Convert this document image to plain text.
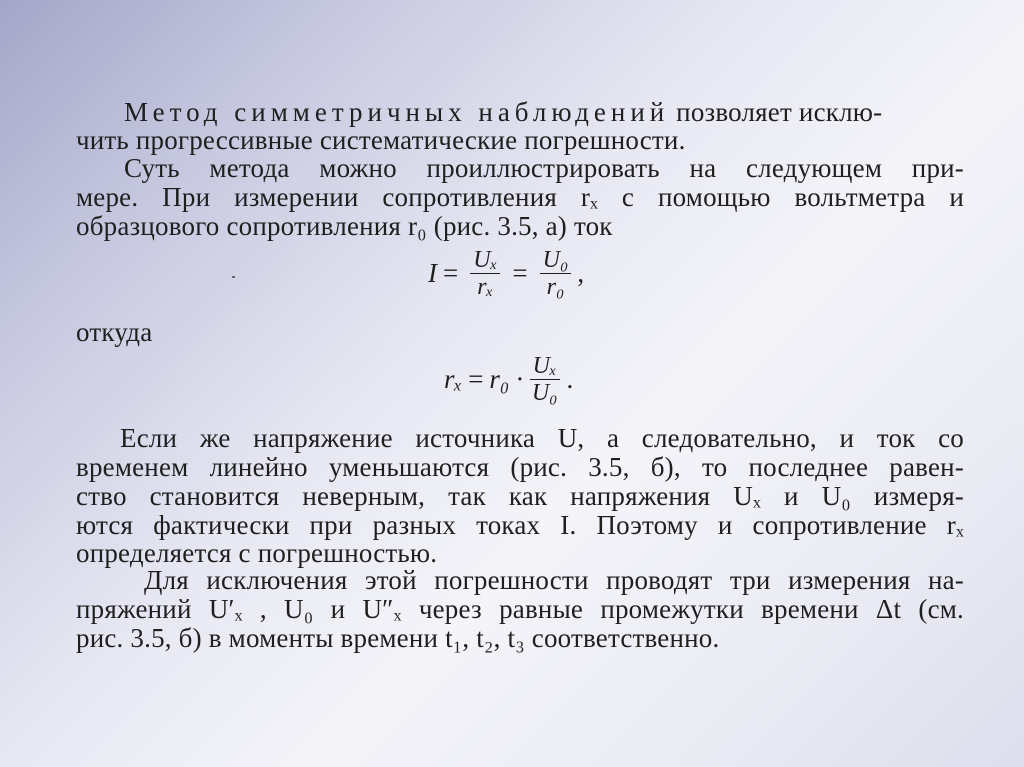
Метод симметричных наблюдений позволяет исклю-

чить прогрессивные систематические погрешности.

Суть метода можно проиллюстрировать на следующем при-

мере. При измерении сопротивления rₓ с помощью вольтметра и

образцового сопротивления r₀ (рис. 3.5, а) ток

$I = \frac{\text{Uₓ}}{\text{rₓ}} = \frac{\text{U₀}}{\text{r₀}}$ ,

откуда

$r_x = r_0 \cdot \frac{\text{Uₓ}}{\text{U₀}}$ .

Если же напряжение источника U, а следовательно, и ток со

временем линейно уменьшаются (рис. 3.5, б), то последнее равен-

ство становится неверным, так как напряжения Uₓ и U₀ измеря-

ются фактически при разных токах I. Поэтому и сопротивление rₓ

определяется с погрешностью.

Для исключения этой погрешности проводят три измерения на-

пряжений U′ₓ , U₀ и U″ₓ через равные промежутки времени Δt (см.

рис. 3.5, б) в моменты времени t₁, t₂, t₃ соответственно.
